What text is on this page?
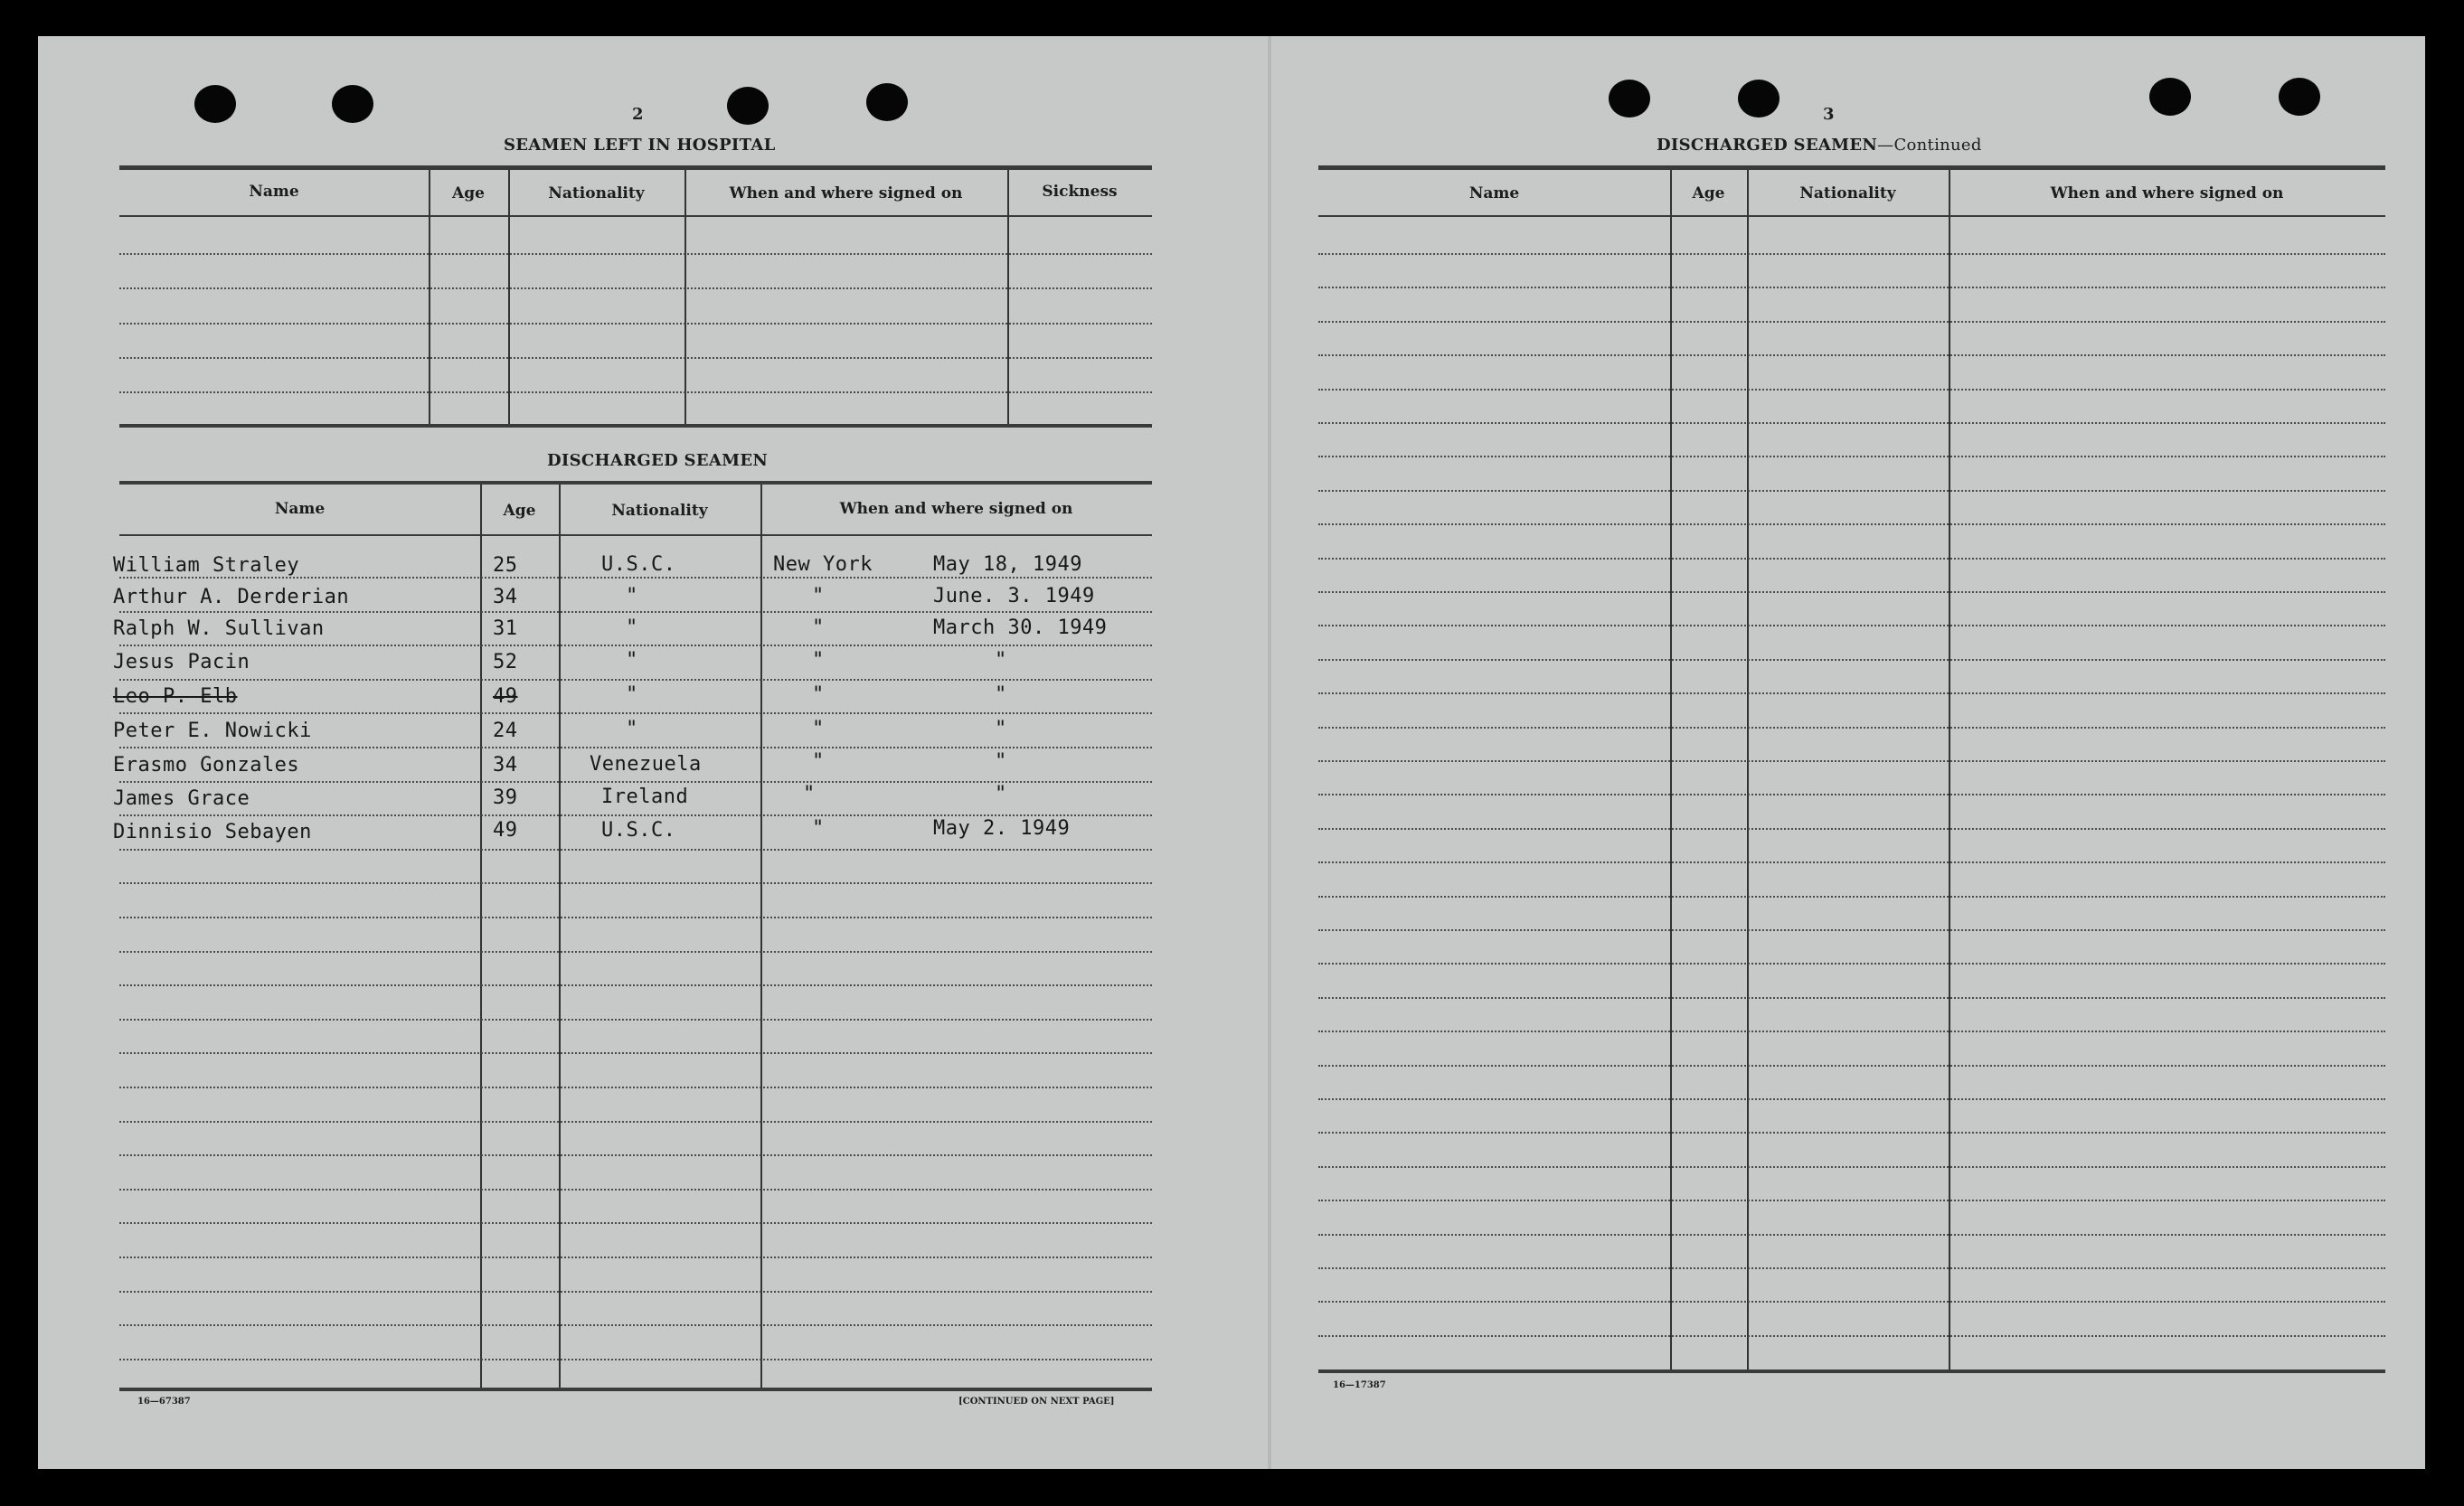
2
SEAMEN LEFT IN HOSPITAL
Name	Age	Nationality	When and where signed on	Sickness
DISCHARGED SEAMEN
Name	Age	Nationality	When and where signed on
William Straley	25	U.S.C.	New York	May 18, 1949
Arthur A. Derderian	34	"	"	June. 3. 1949
Ralph W. Sullivan	31	"	"	March 30. 1949
Jesus Pacin	52	"	"	"
Leo P. Elb	49	"	"	"
Peter E. Nowicki	24	"	"	"
Erasmo Gonzales	34	Venezuela	"	"
James Grace	39	Ireland	"	"
Dinnisio Sebayen	49	U.S.C.	"	May 2. 1949
16—67387	[CONTINUED ON NEXT PAGE]
3
DISCHARGED SEAMEN—Continued
Name	Age	Nationality	When and where signed on
16—17387
